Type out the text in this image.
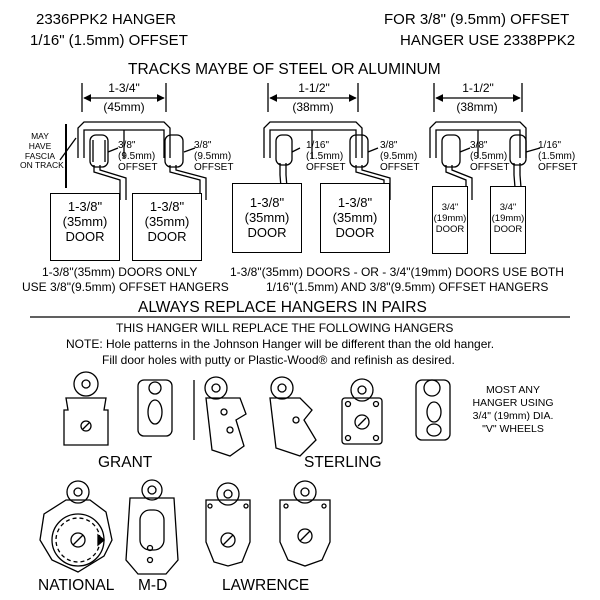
2336PPK2 HANGER
1/16" (1.5mm) OFFSET
FOR 3/8" (9.5mm) OFFSET
HANGER USE 2338PPK2
TRACKS MAYBE OF STEEL OR ALUMINUM
1-3/4"
(45mm)
MAY
HAVE
FASCIA
ON TRACK
3/8"
(9.5mm)
OFFSET
3/8"
(9.5mm)
OFFSET
1-3/8"
(35mm)
DOOR
1-3/8"
(35mm)
DOOR
1-3/8"(35mm) DOORS ONLY
USE 3/8"(9.5mm) OFFSET HANGERS
1-1/2"
(38mm)
1/16"
(1.5mm)
OFFSET
3/8"
(9.5mm)
OFFSET
1-3/8"
(35mm)
DOOR
1-3/8"
(35mm)
DOOR
1-1/2"
(38mm)
3/8"
(9.5mm)
OFFSET
1/16"
(1.5mm)
OFFSET
3/4"
(19mm)
DOOR
3/4"
(19mm)
DOOR
1-3/8"(35mm) DOORS - OR - 3/4"(19mm) DOORS USE BOTH
1/16"(1.5mm) AND 3/8"(9.5mm) OFFSET HANGERS
ALWAYS REPLACE HANGERS IN PAIRS
THIS HANGER WILL REPLACE THE FOLLOWING HANGERS
NOTE: Hole patterns in the Johnson Hanger will be different than the old hanger.
Fill door holes with putty or Plastic-Wood® and refinish as desired.
GRANT	STERLING
MOST ANY
HANGER USING
3/4" (19mm) DIA.
"V" WHEELS
NATIONAL M-D	LAWRENCE
